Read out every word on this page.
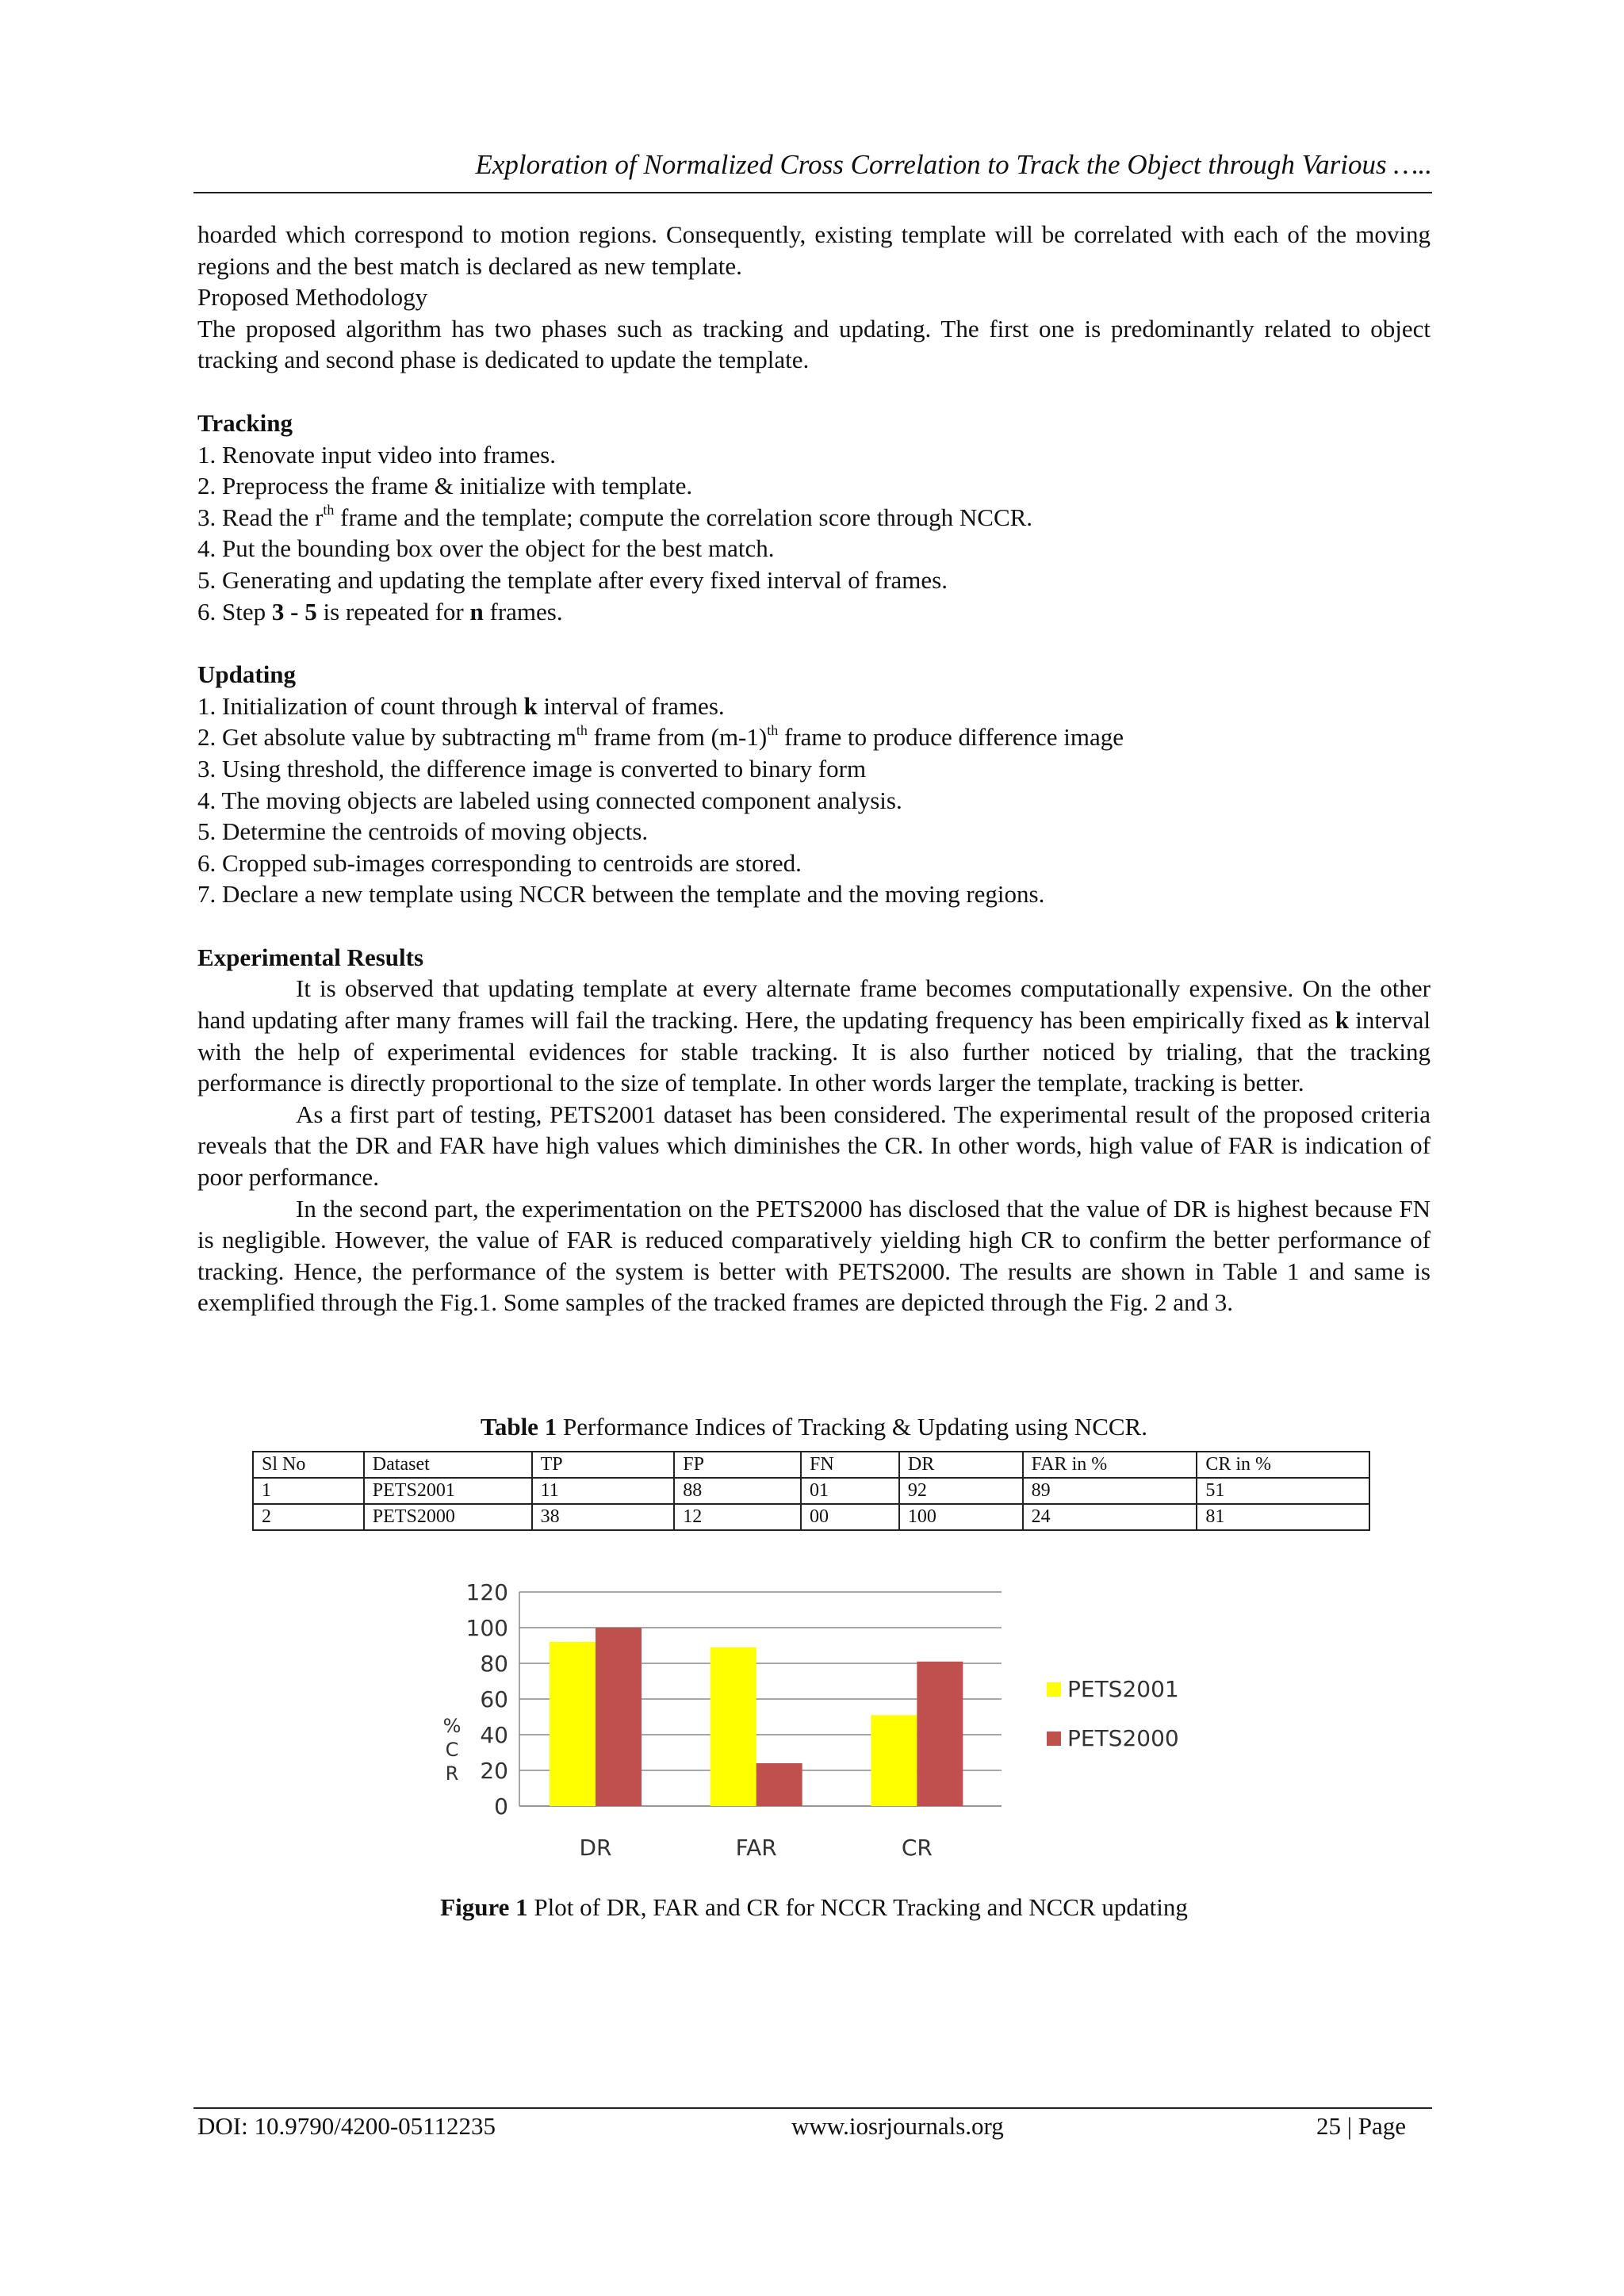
Exploration of Normalized Cross Correlation to Track the Object through Various …..

hoarded which correspond to motion regions. Consequently, existing template will be correlated with each of the moving regions and the best match is declared as new template.

Proposed Methodology

The proposed algorithm has two phases such as tracking and updating. The first one is predominantly related to object tracking and second phase is dedicated to update the template.

Tracking

1. Renovate input video into frames.

2. Preprocess the frame & initialize with template.

3. Read the $r^{th}$ frame and the template; compute the correlation score through NCCR.

4. Put the bounding box over the object for the best match.

5. Generating and updating the template after every fixed interval of frames.

6. Step 3 - 5 is repeated for n frames.

Updating

1. Initialization of count through k interval of frames.

2. Get absolute value by subtracting $m^{th}$ frame from $(m-1)^{th}$ frame to produce difference image

3. Using threshold, the difference image is converted to binary form

4. The moving objects are labeled using connected component analysis.

5. Determine the centroids of moving objects.

6. Cropped sub-images corresponding to centroids are stored.

7. Declare a new template using NCCR between the template and the moving regions.

Experimental Results

It is observed that updating template at every alternate frame becomes computationally expensive. On the other hand updating after many frames will fail the tracking. Here, the updating frequency has been empirically fixed as k interval with the help of experimental evidences for stable tracking. It is also further noticed by trialing, that the tracking performance is directly proportional to the size of template. In other words larger the template, tracking is better.

As a first part of testing, PETS2001 dataset has been considered. The experimental result of the proposed criteria reveals that the DR and FAR have high values which diminishes the CR. In other words, high value of FAR is indication of poor performance.

In the second part, the experimentation on the PETS2000 has disclosed that the value of DR is highest because FN is negligible. However, the value of FAR is reduced comparatively yielding high CR to confirm the better performance of tracking. Hence, the performance of the system is better with PETS2000. The results are shown in Table 1 and same is exemplified through the Fig.1. Some samples of the tracked frames are depicted through the Fig. 2 and 3.

Table 1 Performance Indices of Tracking & Updating using NCCR.
Sl No	Dataset	TP	FP	FN	DR	FAR in %	CR in %
1	PETS2001	11	88	01	92	89	51
2	PETS2000	38	12	00	100	24	81
0
20
40
60
80
100
120
%
C
R
DR	FAR	CR
PETS2001
PETS2000
Figure 1 Plot of DR, FAR and CR for NCCR Tracking and NCCR updating
DOI: 10.9790/4200-05112235	www.iosrjournals.org	25 | Page
